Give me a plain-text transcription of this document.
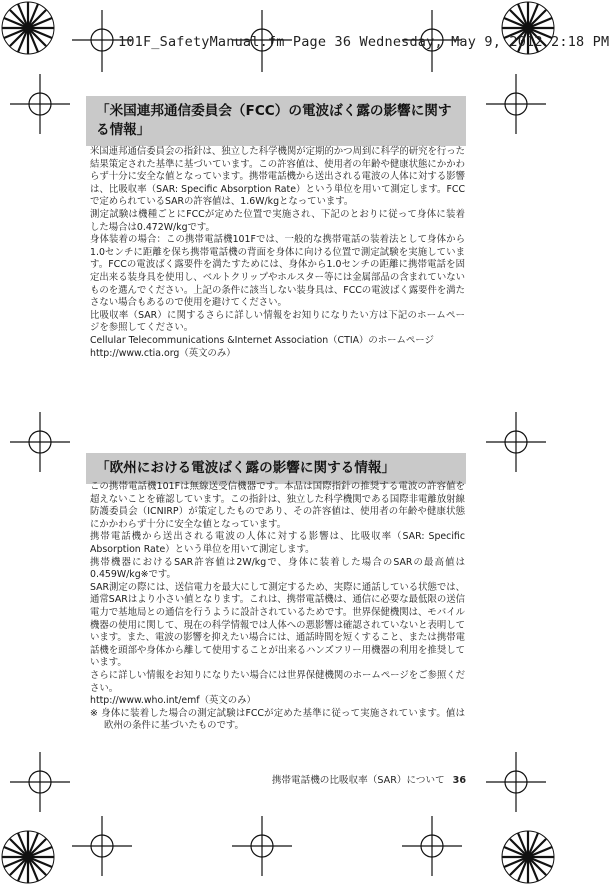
101F_SafetyManual.fm Page 36 Wednesday, May 9, 2012 2:18 PM
「米国連邦通信委員会（FCC）の電波ばく露の影響に関する情報」

米国連邦通信委員会の指針は、独立した科学機関が定期的かつ周到に科学的研究を行った結果策定された基準に基づいています。この許容値は、使用者の年齢や健康状態にかかわらず十分に安全な値となっています。携帯電話機から送出される電波の人体に対する影響は、比吸収率（SAR: Specific Absorption Rate）という単位を用いて測定します。FCCで定められているSARの許容値は、1.6W/kgとなっています。

測定試験は機種ごとにFCCが定めた位置で実施され、下記のとおりに従って身体に装着した場合は0.472W/kgです。

身体装着の場合：この携帯電話機101Fでは、一般的な携帯電話の装着法として身体から1.0センチに距離を保ち携帯電話機の背面を身体に向ける位置で測定試験を実施しています。FCCの電波ばく露要件を満たすためには、身体から1.0センチの距離に携帯電話を固定出来る装身具を使用し、ベルトクリップやホルスター等には金属部品の含まれていないものを選んでください。上記の条件に該当しない装身具は、FCCの電波ばく露要件を満たさない場合もあるので使用を避けてください。

比吸収率（SAR）に関するさらに詳しい情報をお知りになりたい方は下記のホームページを参照してください。

Cellular Telecommunications &Internet Association（CTIA）のホームページ

http://www.ctia.org（英文のみ）

「欧州における電波ばく露の影響に関する情報」

この携帯電話機101Fは無線送受信機器です。本品は国際指針の推奨する電波の許容値を超えないことを確認しています。この指針は、独立した科学機関である国際非電離放射線防護委員会（ICNIRP）が策定したものであり、その許容値は、使用者の年齢や健康状態にかかわらず十分に安全な値となっています。

携帯電話機から送出される電波の人体に対する影響は、比吸収率（SAR: Specific Absorption Rate）という単位を用いて測定します。

携帯機器におけるSAR許容値は2W/kgで、身体に装着した場合のSARの最高値は0.459W/kg※です。

SAR測定の際には、送信電力を最大にして測定するため、実際に通話している状態では、通常SARはより小さい値となります。これは、携帯電話機は、通信に必要な最低限の送信電力で基地局との通信を行うように設計されているためです。世界保健機関は、モバイル機器の使用に関して、現在の科学情報では人体への悪影響は確認されていないと表明しています。また、電波の影響を抑えたい場合には、通話時間を短くすること、または携帯電話機を頭部や身体から離して使用することが出来るハンズフリー用機器の利用を推奨しています。

さらに詳しい情報をお知りになりたい場合には世界保健機関のホームページをご参照ください。

http://www.who.int/emf（英文のみ）

※ 身体に装着した場合の測定試験はFCCが定めた基準に従って実施されています。値は欧州の条件に基づいたものです。

携帯電話機の比吸収率（SAR）について 36
